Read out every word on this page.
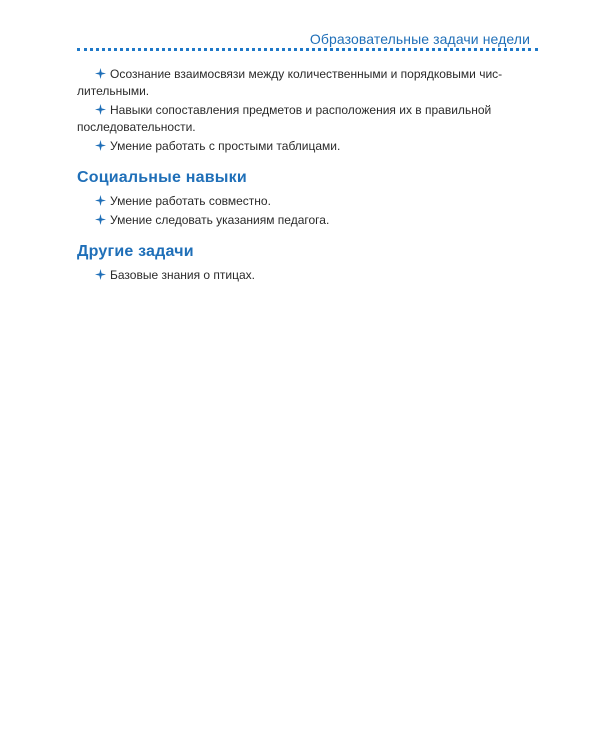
Образовательные задачи недели
Осознание взаимосвязи между количественными и порядковыми числительными.
Навыки сопоставления предметов и расположения их в правильной последовательности.
Умение работать с простыми таблицами.
Социальные навыки
Умение работать совместно.
Умение следовать указаниям педагога.
Другие задачи
Базовые знания о птицах.
